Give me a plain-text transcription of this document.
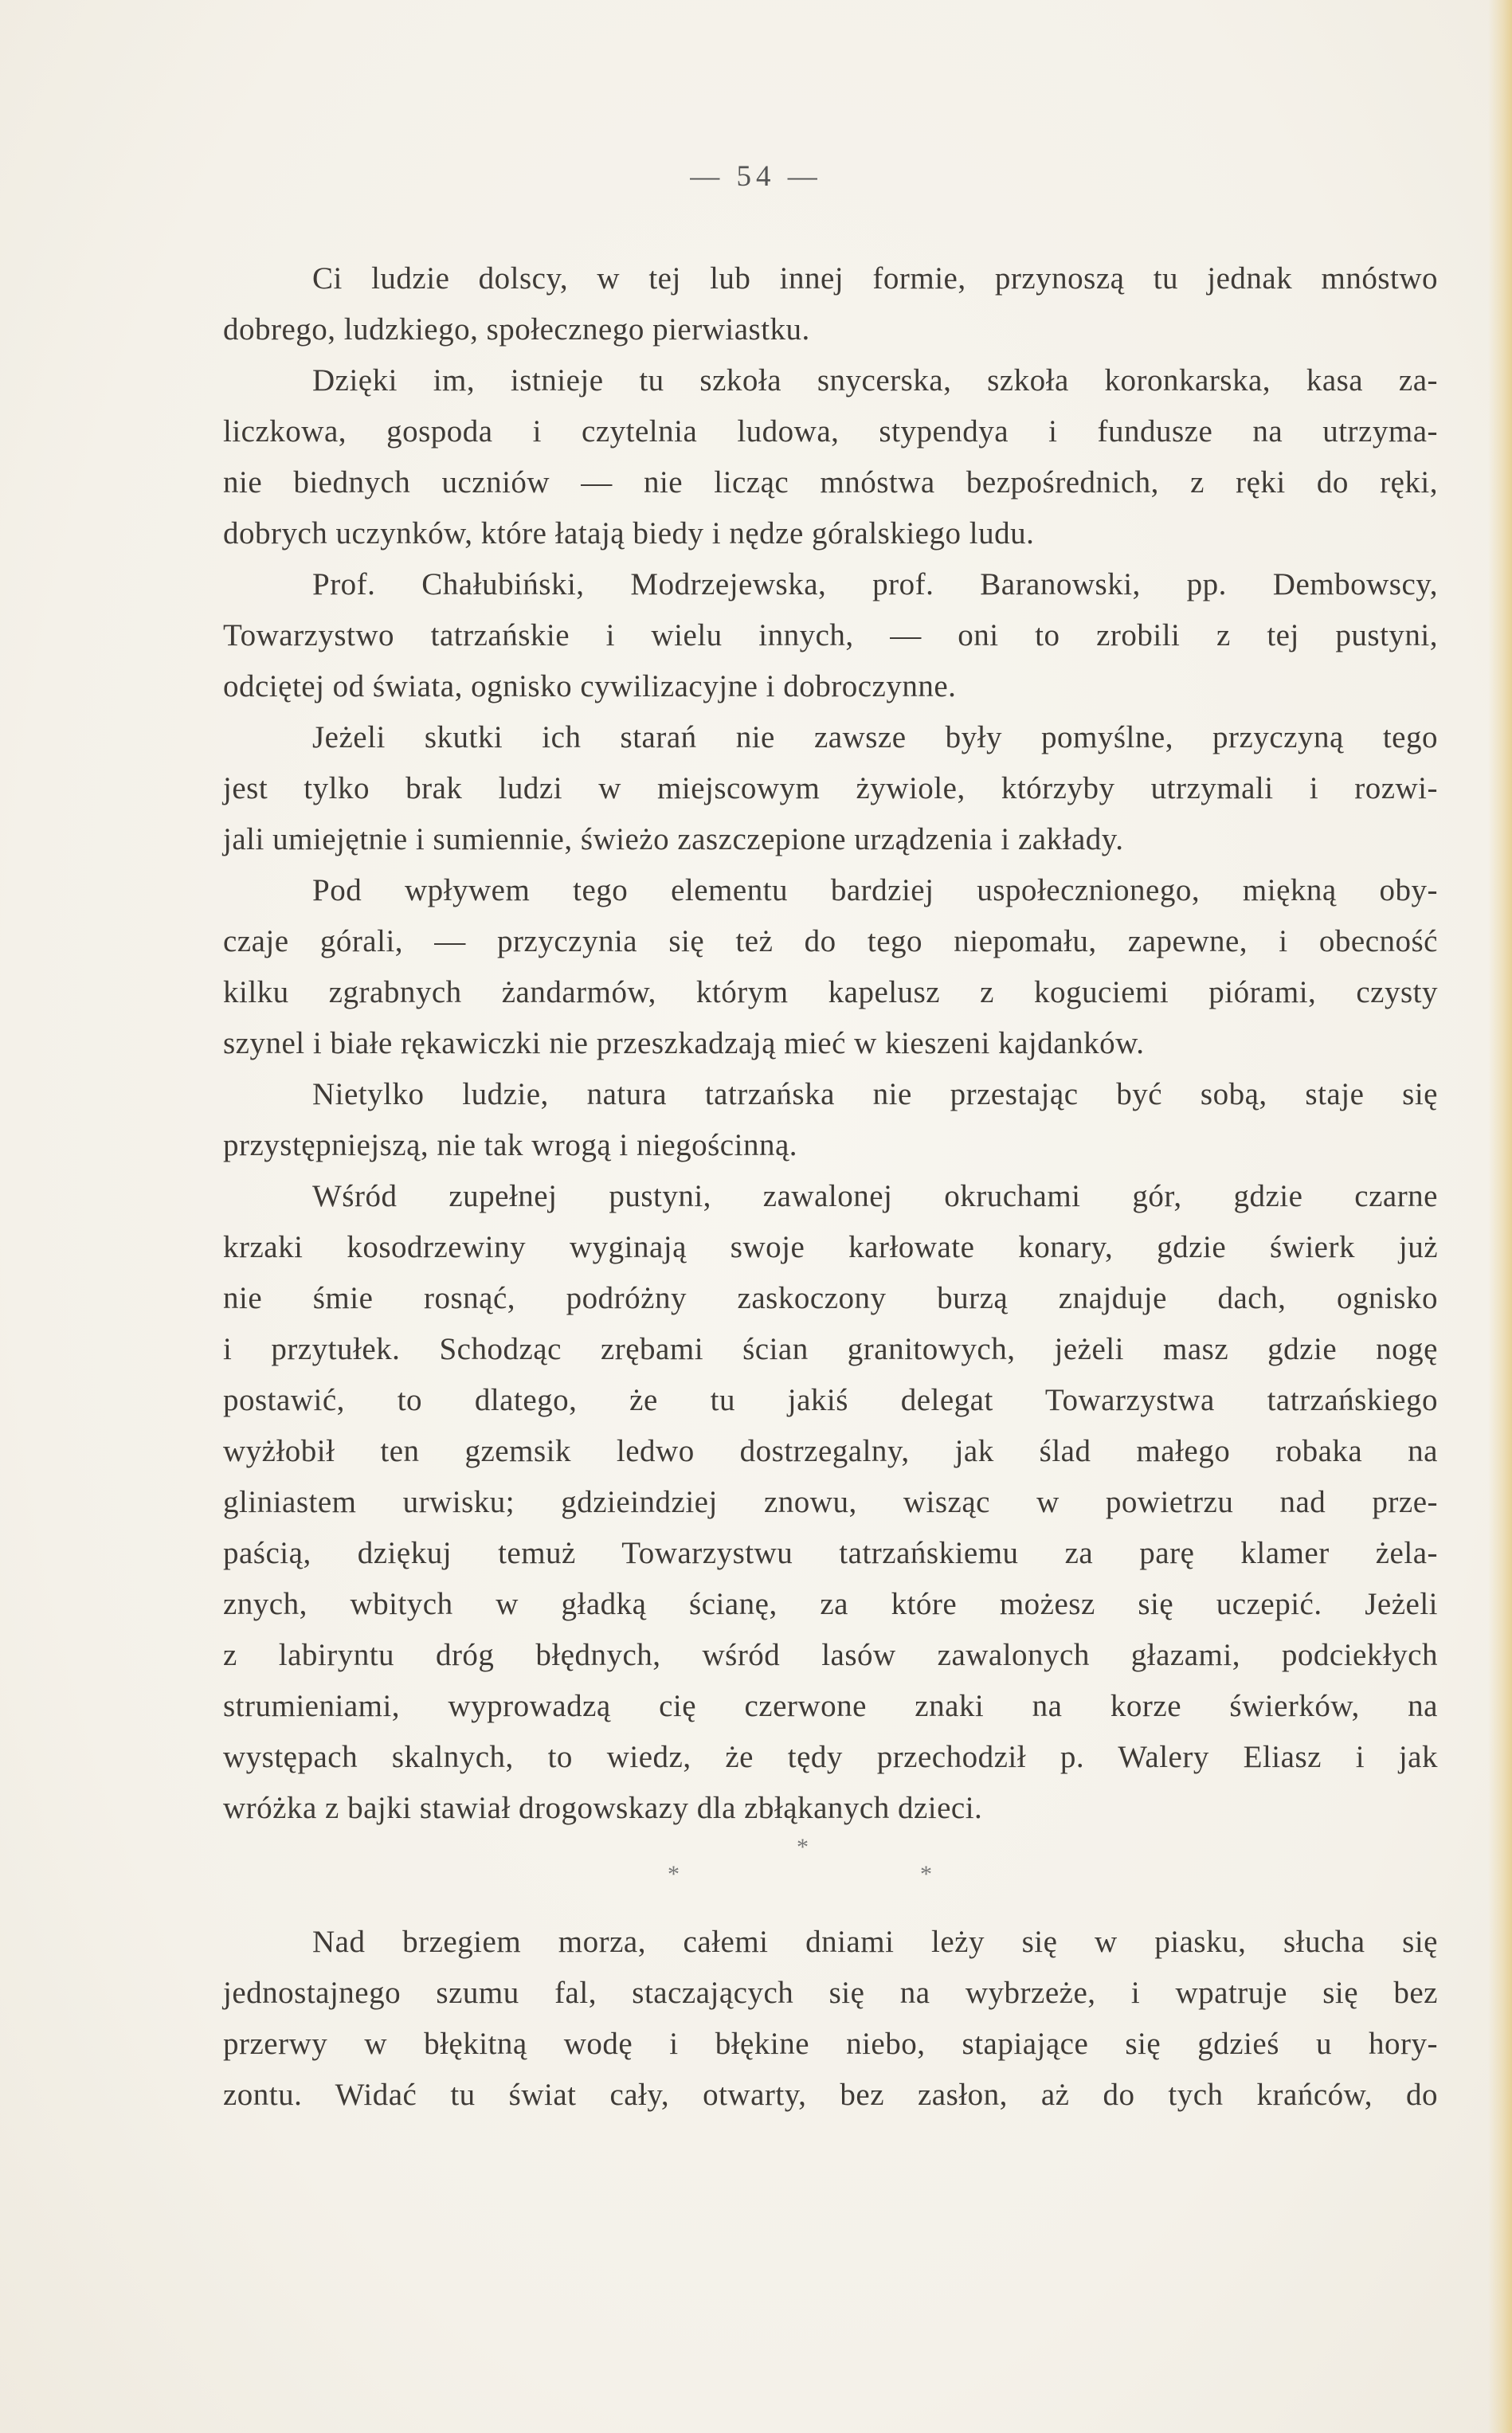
— 54 —
Ci ludzie dolscy, w tej lub innej formie, przynoszą tu jednak mnóstwo
dobrego, ludzkiego, społecznego pierwiastku.
Dzięki im, istnieje tu szkoła snycerska, szkoła koronkarska, kasa za-
liczkowa, gospoda i czytelnia ludowa, stypendya i fundusze na utrzyma-
nie biednych uczniów — nie licząc mnóstwa bezpośrednich, z ręki do ręki,
dobrych uczynków, które łatają biedy i nędze góralskiego ludu.
Prof. Chałubiński, Modrzejewska, prof. Baranowski, pp. Dembowscy,
Towarzystwo tatrzańskie i wielu innych, — oni to zrobili z tej pustyni,
odciętej od świata, ognisko cywilizacyjne i dobroczynne.
Jeżeli skutki ich starań nie zawsze były pomyślne, przyczyną tego
jest tylko brak ludzi w miejscowym żywiole, którzyby utrzymali i rozwi-
jali umiejętnie i sumiennie, świeżo zaszczepione urządzenia i zakłady.
Pod wpływem tego elementu bardziej uspołecznionego, miękną oby-
czaje górali, — przyczynia się też do tego niepomału, zapewne, i obecność
kilku zgrabnych żandarmów, którym kapelusz z koguciemi piórami, czysty
szynel i białe rękawiczki nie przeszkadzają mieć w kieszeni kajdanków.
Nietylko ludzie, natura tatrzańska nie przestając być sobą, staje się
przystępniejszą, nie tak wrogą i niegościnną.
Wśród zupełnej pustyni, zawalonej okruchami gór, gdzie czarne
krzaki kosodrzewiny wyginają swoje karłowate konary, gdzie świerk już
nie śmie rosnąć, podróżny zaskoczony burzą znajduje dach, ognisko
i przytułek. Schodząc zrębami ścian granitowych, jeżeli masz gdzie nogę
postawić, to dlatego, że tu jakiś delegat Towarzystwa tatrzańskiego
wyżłobił ten gzemsik ledwo dostrzegalny, jak ślad małego robaka na
gliniastem urwisku; gdzieindziej znowu, wisząc w powietrzu nad prze-
paścią, dziękuj temuż Towarzystwu tatrzańskiemu za parę klamer żela-
znych, wbitych w gładką ścianę, za które możesz się uczepić. Jeżeli
z labiryntu dróg błędnych, wśród lasów zawalonych głazami, podciekłych
strumieniami, wyprowadzą cię czerwone znaki na korze świerków, na
występach skalnych, to wiedz, że tędy przechodził p. Walery Eliasz i jak
wróżka z bajki stawiał drogowskazy dla zbłąkanych dzieci.
*
*	*
Nad brzegiem morza, całemi dniami leży się w piasku, słucha się
jednostajnego szumu fal, staczających się na wybrzeże, i wpatruje się bez
przerwy w błękitną wodę i błękine niebo, stapiające się gdzieś u hory-
zontu. Widać tu świat cały, otwarty, bez zasłon, aż do tych krańców, do
